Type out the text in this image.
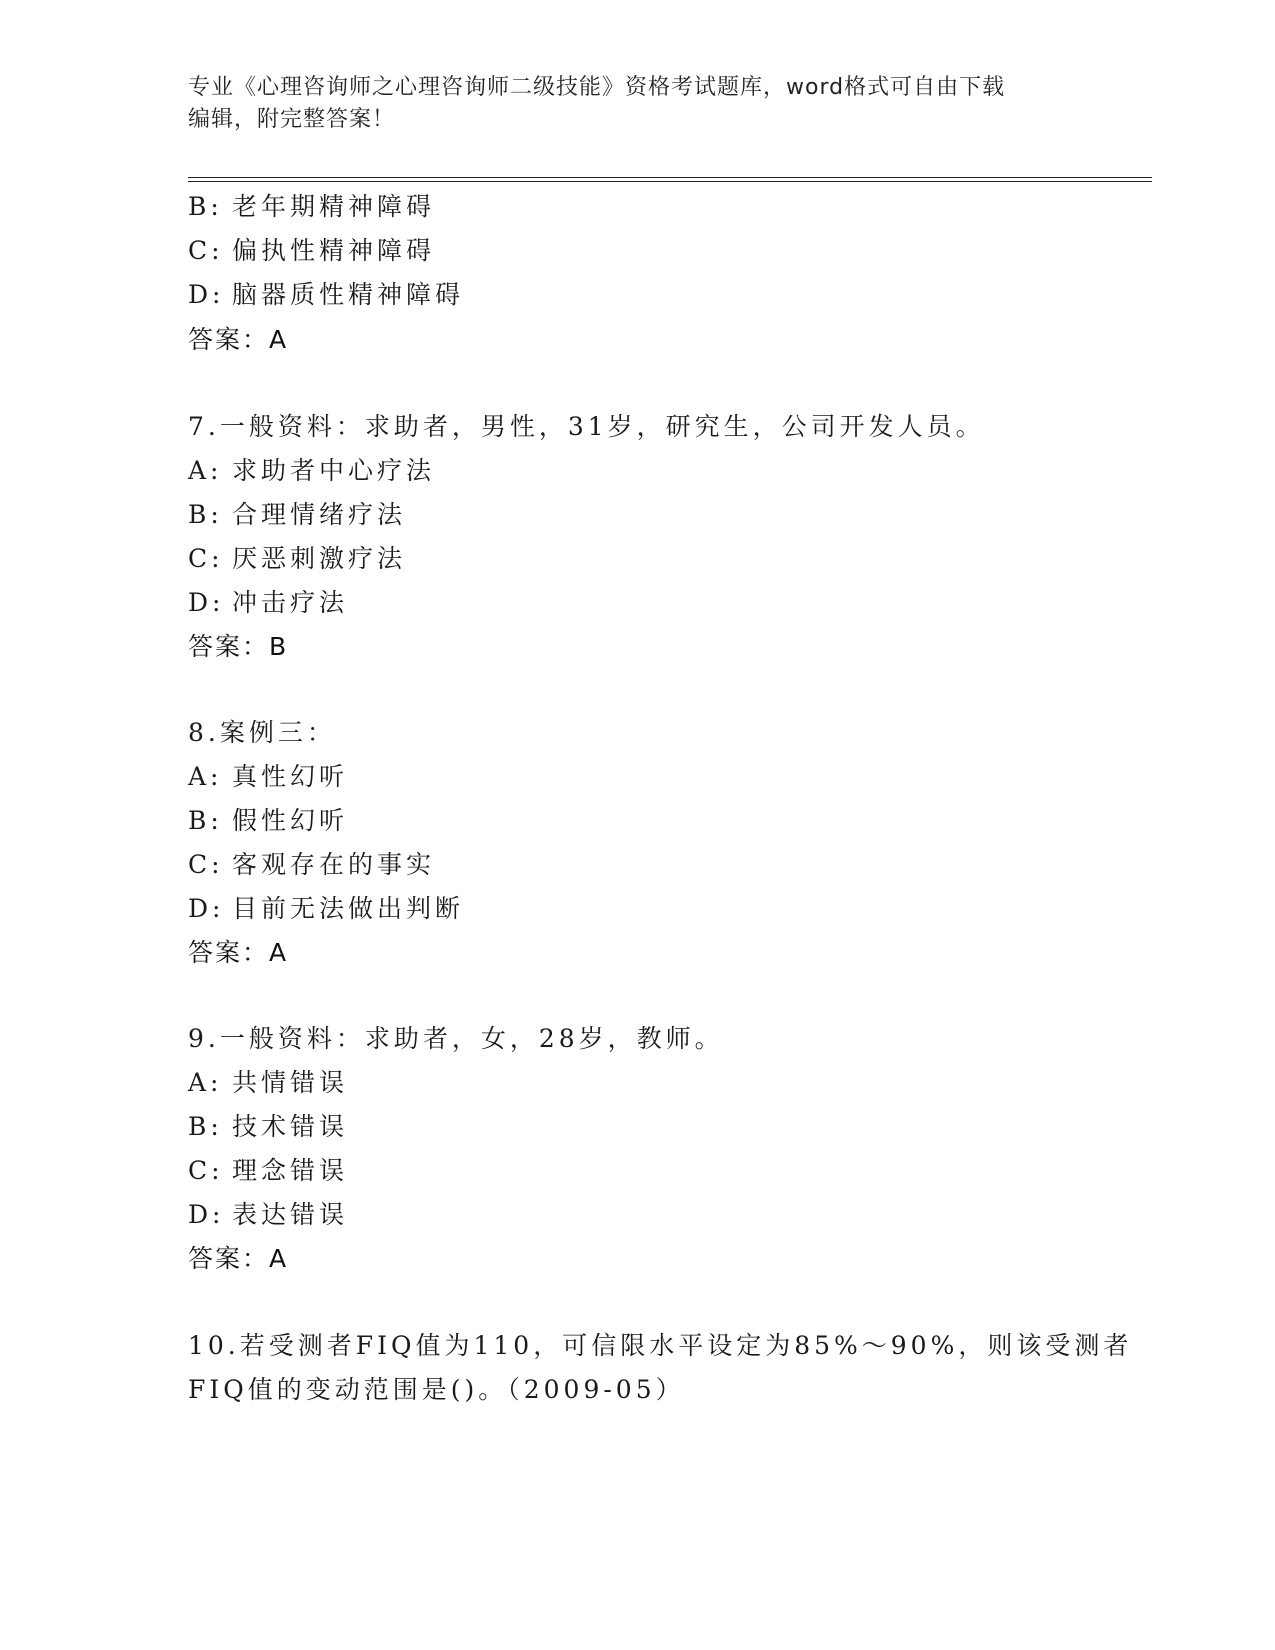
专业《心理咨询师之心理咨询师二级技能》资格考试题库，word格式可自由下载
编辑，附完整答案！
B: 老年期精神障碍
C: 偏执性精神障碍
D: 脑器质性精神障碍
答案：A
7.一般资料：求助者，男性，31岁，研究生，公司开发人员。
A: 求助者中心疗法
B: 合理情绪疗法
C: 厌恶刺激疗法
D: 冲击疗法
答案：B
8.案例三：
A: 真性幻听
B: 假性幻听
C: 客观存在的事实
D: 目前无法做出判断
答案：A
9.一般资料：求助者，女，28岁，教师。
A: 共情错误
B: 技术错误
C: 理念错误
D: 表达错误
答案：A
10.若受测者FIQ值为110，可信限水平设定为85%～90%，则该受测者
FIQ值的变动范围是()。（2009-05）
